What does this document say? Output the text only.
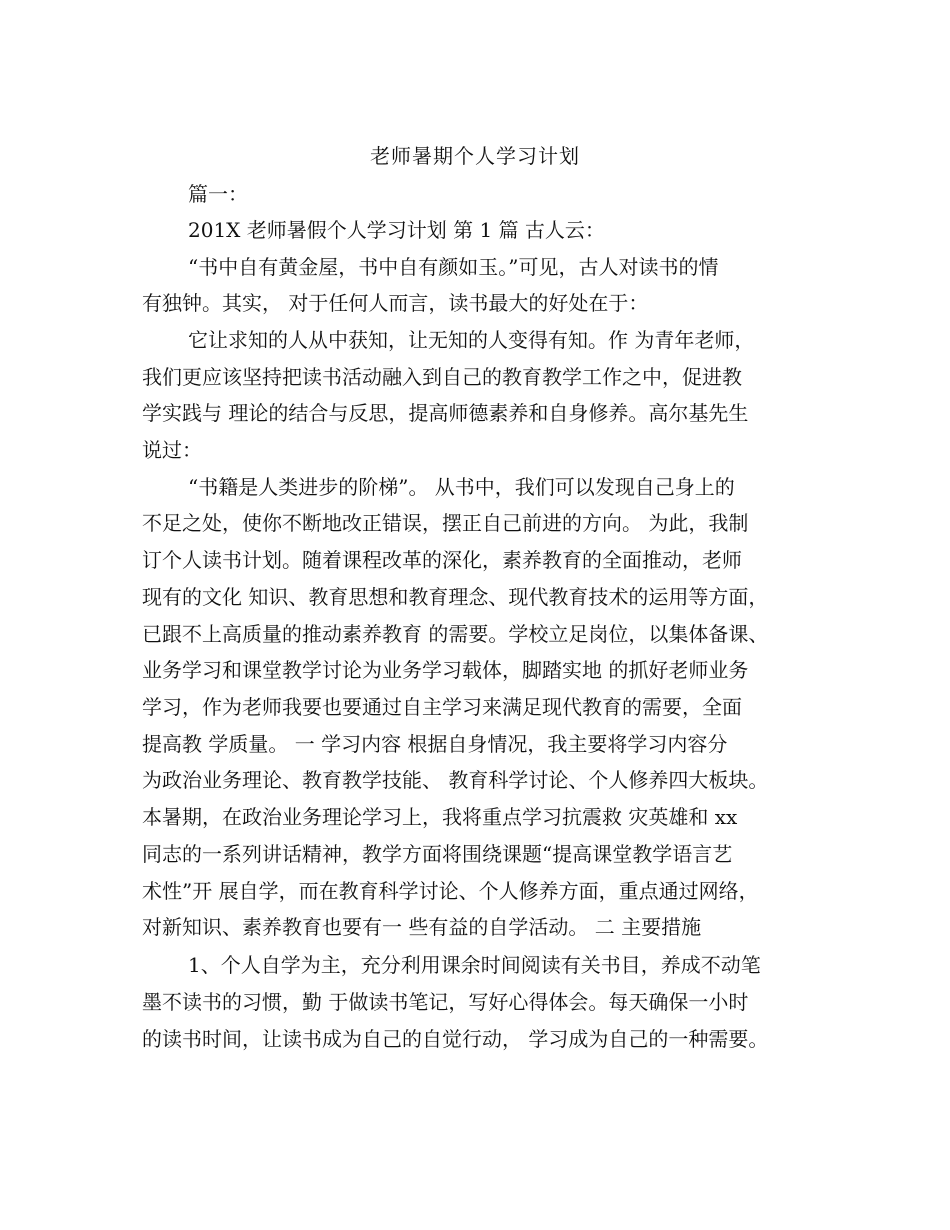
老师暑期个人学习计划
篇一：
201X 老师暑假个人学习计划 第 1 篇 古人云：
“书中自有黄金屋，书中自有颜如玉。”可见，古人对读书的情
有独钟。其实， 对于任何人而言，读书最大的好处在于：
它让求知的人从中获知，让无知的人变得有知。作 为青年老师，
我们更应该坚持把读书活动融入到自己的教育教学工作之中，促进教
学实践与 理论的结合与反思，提高师德素养和自身修养。高尔基先生
说过：
“书籍是人类进步的阶梯”。 从书中，我们可以发现自己身上的
不足之处，使你不断地改正错误，摆正自己前进的方向。 为此，我制
订个人读书计划。随着课程改革的深化，素养教育的全面推动，老师
现有的文化 知识、教育思想和教育理念、现代教育技术的运用等方面，
已跟不上高质量的推动素养教育 的需要。学校立足岗位，以集体备课、
业务学习和课堂教学讨论为业务学习载体，脚踏实地 的抓好老师业务
学习，作为老师我要也要通过自主学习来满足现代教育的需要，全面
提高教 学质量。 一 学习内容 根据自身情况，我主要将学习内容分
为政治业务理论、教育教学技能、 教育科学讨论、个人修养四大板块。
本暑期，在政治业务理论学习上，我将重点学习抗震救 灾英雄和 xx
同志的一系列讲话精神，教学方面将围绕课题“提高课堂教学语言艺
术性”开 展自学，而在教育科学讨论、个人修养方面，重点通过网络，
对新知识、素养教育也要有一 些有益的自学活动。 二 主要措施
1、个人自学为主，充分利用课余时间阅读有关书目，养成不动笔
墨不读书的习惯，勤 于做读书笔记，写好心得体会。每天确保一小时
的读书时间，让读书成为自己的自觉行动， 学习成为自己的一种需要。
